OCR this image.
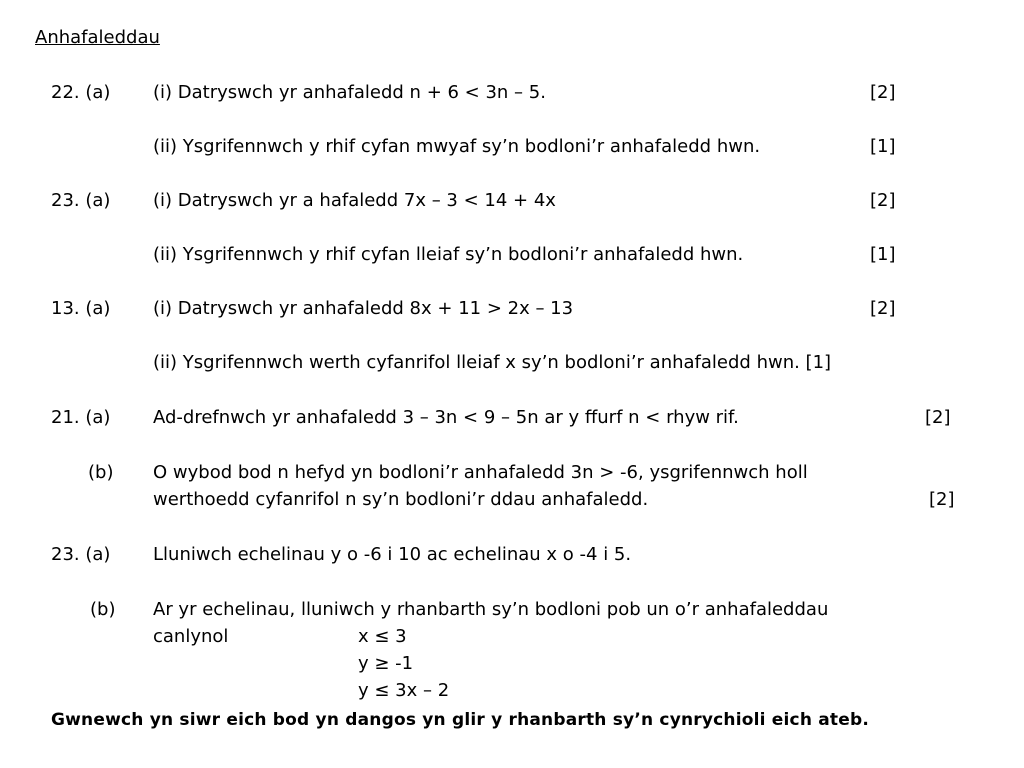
Anhafaleddau
22. (a) (i) Datryswch yr anhafaledd n + 6 < 3n – 5.	[2]
(ii) Ysgrifennwch y rhif cyfan mwyaf sy’n bodloni’r anhafaledd hwn.	[1]
23. (a) (i) Datryswch yr a hafaledd 7x – 3 < 14 + 4x	[2]
(ii) Ysgrifennwch y rhif cyfan lleiaf sy’n bodloni’r anhafaledd hwn.	[1]
13. (a) (i) Datryswch yr anhafaledd 8x + 11 > 2x – 13	[2]
(ii) Ysgrifennwch werth cyfanrifol lleiaf x sy’n bodloni’r anhafaledd hwn. [1]
21. (a) Ad-drefnwch yr anhafaledd 3 – 3n < 9 – 5n ar y ffurf n < rhyw rif.	[2]
(b) O wybod bod n hefyd yn bodloni’r anhafaledd 3n > -6, ysgrifennwch holl
werthoedd cyfanrifol n sy’n bodloni’r ddau anhafaledd.	[2]
23. (a) Lluniwch echelinau y o -6 i 10 ac echelinau x o -4 i 5.
(b) Ar yr echelinau, lluniwch y rhanbarth sy’n bodloni pob un o’r anhafaleddau
canlynol	x ≤ 3
y ≥ -1
y ≤ 3x – 2
Gwnewch yn siwr eich bod yn dangos yn glir y rhanbarth sy’n cynrychioli eich ateb.
